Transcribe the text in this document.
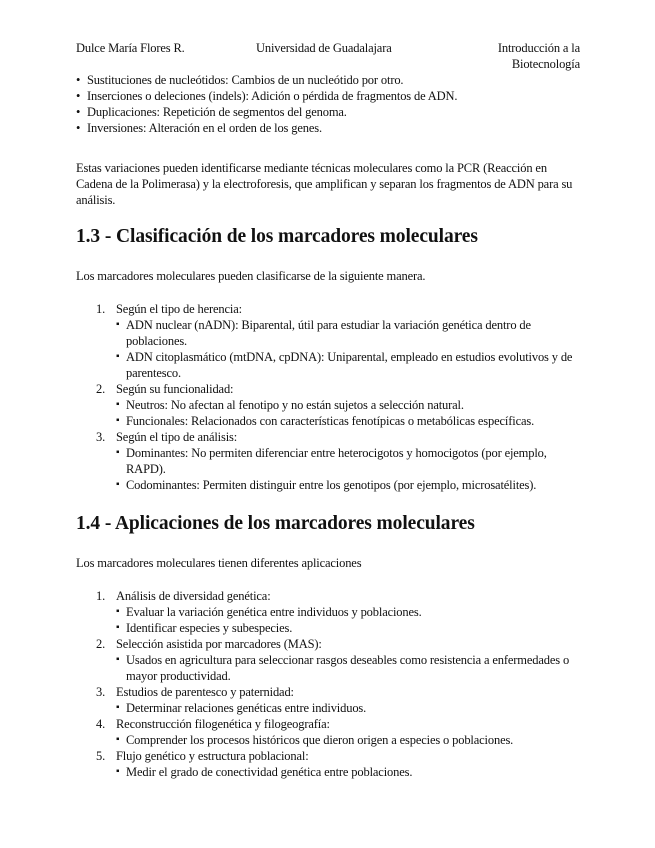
Dulce María Flores R.	Universidad de Guadalajara	Introducción a la
Biotecnología
• Sustituciones de nucleótidos: Cambios de un nucleótido por otro.
• Inserciones o deleciones (indels): Adición o pérdida de fragmentos de ADN.
• Duplicaciones: Repetición de segmentos del genoma.
• Inversiones: Alteración en el orden de los genes.

Estas variaciones pueden identificarse mediante técnicas moleculares como la PCR (Reacción en Cadena de la Polimerasa) y la electroforesis, que amplifican y separan los fragmentos de ADN para su análisis.

1.3 - Clasificación de los marcadores moleculares

Los marcadores moleculares pueden clasificarse de la siguiente manera.

1. Según el tipo de herencia:
▪ ADN nuclear (nADN): Biparental, útil para estudiar la variación genética dentro de poblaciones.
▪ ADN citoplasmático (mtDNA, cpDNA): Uniparental, empleado en estudios evolutivos y de parentesco.
2. Según su funcionalidad:
▪ Neutros: No afectan al fenotipo y no están sujetos a selección natural.
▪ Funcionales: Relacionados con características fenotípicas o metabólicas específicas.
3. Según el tipo de análisis:
▪ Dominantes: No permiten diferenciar entre heterocigotos y homocigotos (por ejemplo, RAPD).
▪ Codominantes: Permiten distinguir entre los genotipos (por ejemplo, microsatélites).
1.4 - Aplicaciones de los marcadores moleculares

Los marcadores moleculares tienen diferentes aplicaciones

1. Análisis de diversidad genética:
▪ Evaluar la variación genética entre individuos y poblaciones.
▪ Identificar especies y subespecies.
2. Selección asistida por marcadores (MAS):
▪ Usados en agricultura para seleccionar rasgos deseables como resistencia a enfermedades o mayor productividad.
3. Estudios de parentesco y paternidad:
▪ Determinar relaciones genéticas entre individuos.
4. Reconstrucción filogenética y filogeografía:
▪ Comprender los procesos históricos que dieron origen a especies o poblaciones.
5. Flujo genético y estructura poblacional:
▪ Medir el grado de conectividad genética entre poblaciones.
